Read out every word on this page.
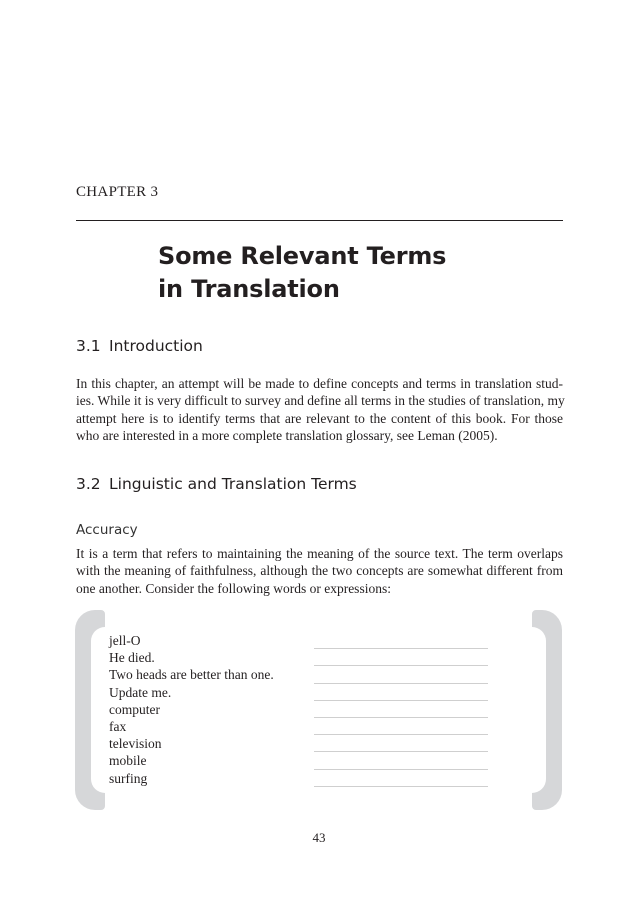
CHAPTER 3
Some Relevant Terms
in Translation
3.1 Introduction
In this chapter, an attempt will be made to define concepts and terms in translation stud-
ies. While it is very difficult to survey and define all terms in the studies of translation, my
attempt here is to identify terms that are relevant to the content of this book. For those
who are interested in a more complete translation glossary, see Leman (2005).
3.2 Linguistic and Translation Terms
Accuracy
It is a term that refers to maintaining the meaning of the source text. The term overlaps
with the meaning of faithfulness, although the two concepts are somewhat different from
one another. Consider the following words or expressions:
jell-O
He died.
Two heads are better than one.
Update me.
computer
fax
television
mobile
surfing
43
